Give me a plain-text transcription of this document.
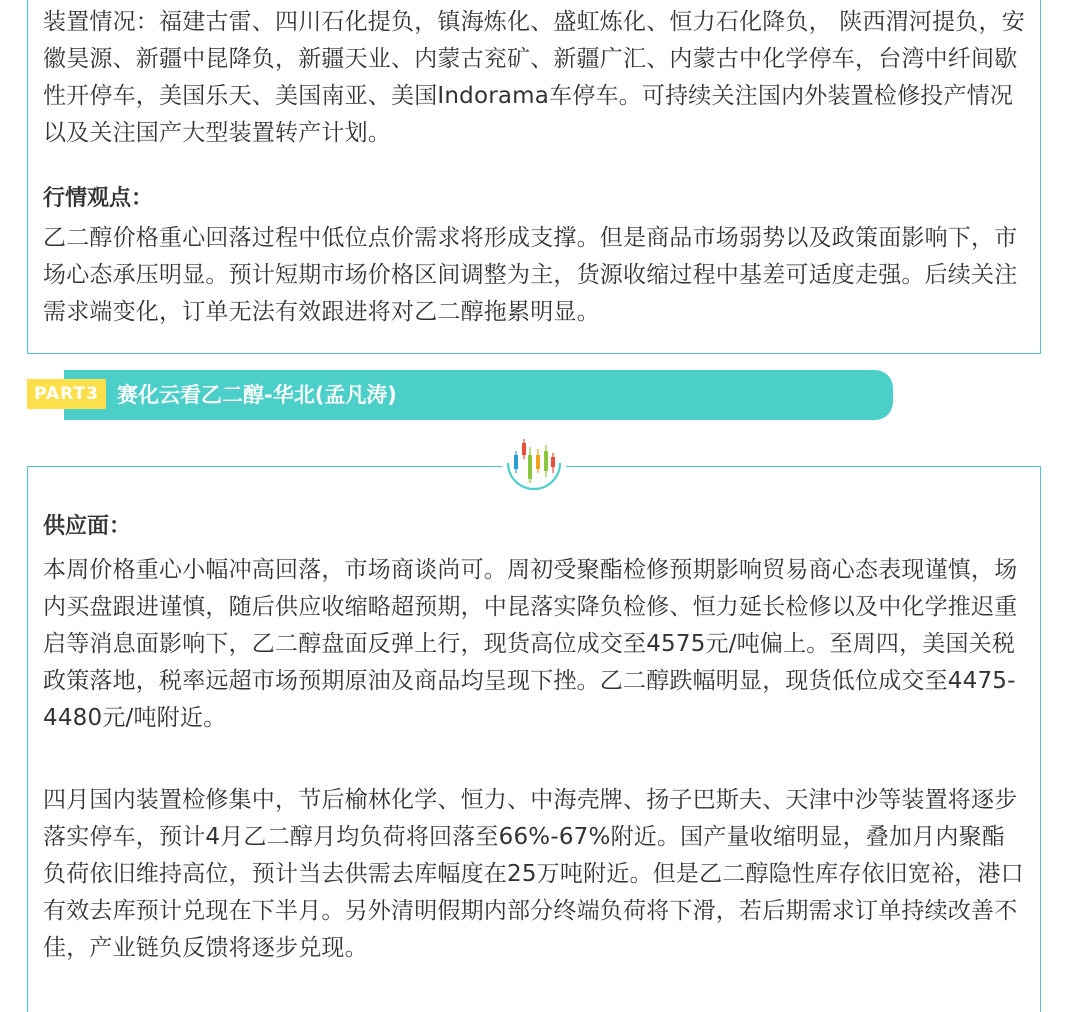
装置情况：福建古雷、四川石化提负，镇海炼化、盛虹炼化、恒力石化降负， 陕西渭河提负，安徽昊源、新疆中昆降负，新疆天业、内蒙古兖矿、新疆广汇、内蒙古中化学停车，台湾中纤间歇性开停车，美国乐天、美国南亚、美国Indorama车停车。可持续关注国内外装置检修投产情况以及关注国产大型装置转产计划。

行情观点：

乙二醇价格重心回落过程中低位点价需求将形成支撑。但是商品市场弱势以及政策面影响下，市场心态承压明显。预计短期市场价格区间调整为主，货源收缩过程中基差可适度走强。后续关注需求端变化，订单无法有效跟进将对乙二醇拖累明显。

PART3 赛化云看乙二醇-华北(孟凡涛)

供应面：

本周价格重心小幅冲高回落，市场商谈尚可。周初受聚酯检修预期影响贸易商心态表现谨慎，场内买盘跟进谨慎，随后供应收缩略超预期，中昆落实降负检修、恒力延长检修以及中化学推迟重启等消息面影响下，乙二醇盘面反弹上行，现货高位成交至4575元/吨偏上。至周四，美国关税政策落地，税率远超市场预期原油及商品均呈现下挫。乙二醇跌幅明显，现货低位成交至4475-4480元/吨附近。

四月国内装置检修集中，节后榆林化学、恒力、中海壳牌、扬子巴斯夫、天津中沙等装置将逐步落实停车，预计4月乙二醇月均负荷将回落至66%-67%附近。国产量收缩明显，叠加月内聚酯负荷依旧维持高位，预计当去供需去库幅度在25万吨附近。但是乙二醇隐性库存依旧宽裕，港口有效去库预计兑现在下半月。另外清明假期内部分终端负荷将下滑，若后期需求订单持续改善不佳，产业链负反馈将逐步兑现。
